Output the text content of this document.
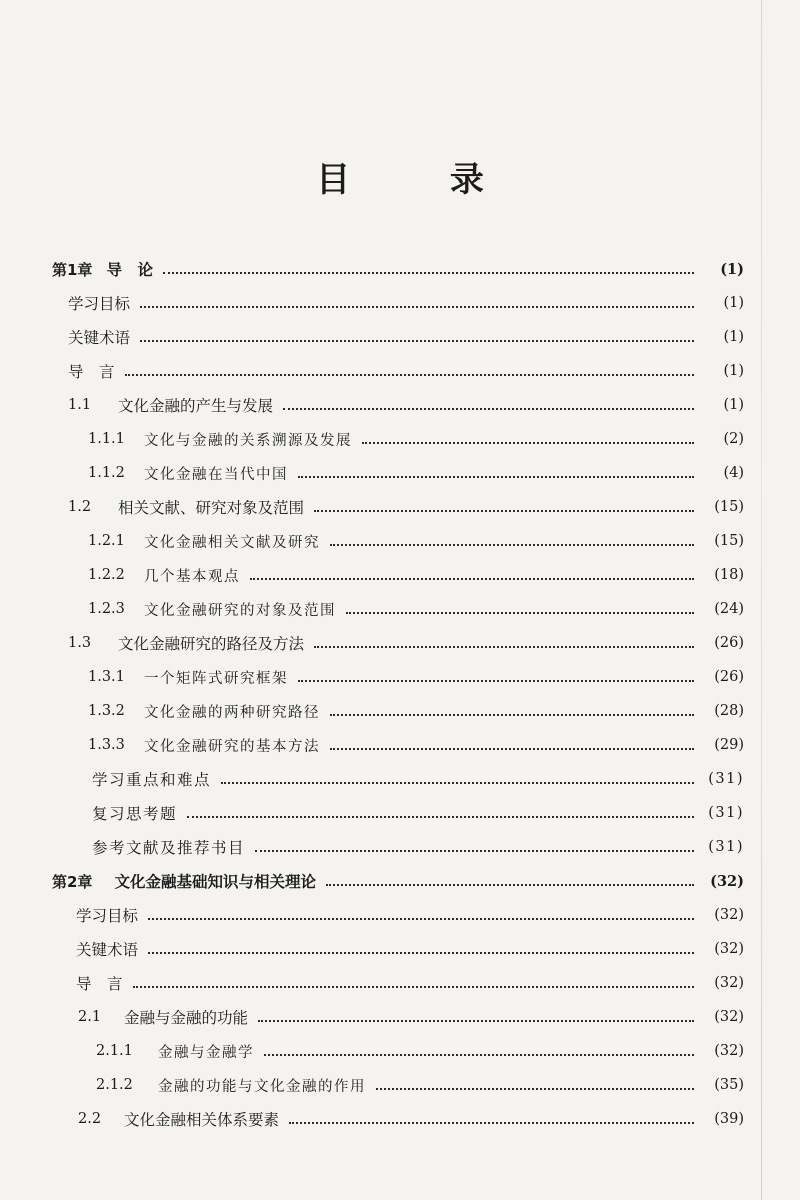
目 录
第1章 导　论	(1)
学习目标	(1)
关键术语	(1)
导　言	(1)
1.1	文化金融的产生与发展	(1)
1.1.1	文化与金融的关系溯源及发展	(2)
1.1.2	文化金融在当代中国	(4)
1.2	相关文献、研究对象及范围	(15)
1.2.1	文化金融相关文献及研究	(15)
1.2.2	几个基本观点	(18)
1.2.3	文化金融研究的对象及范围	(24)
1.3	文化金融研究的路径及方法	(26)
1.3.1	一个矩阵式研究框架	(26)
1.3.2	文化金融的两种研究路径	(28)
1.3.3	文化金融研究的基本方法	(29)
学习重点和难点	(31)
复习思考题	(31)
参考文献及推荐书目	(31)
第2章 文化金融基础知识与相关理论	(32)
学习目标	(32)
关键术语	(32)
导　言	(32)
2.1	金融与金融的功能	(32)
2.1.1	金融与金融学	(32)
2.1.2	金融的功能与文化金融的作用	(35)
2.2	文化金融相关体系要素	(39)
